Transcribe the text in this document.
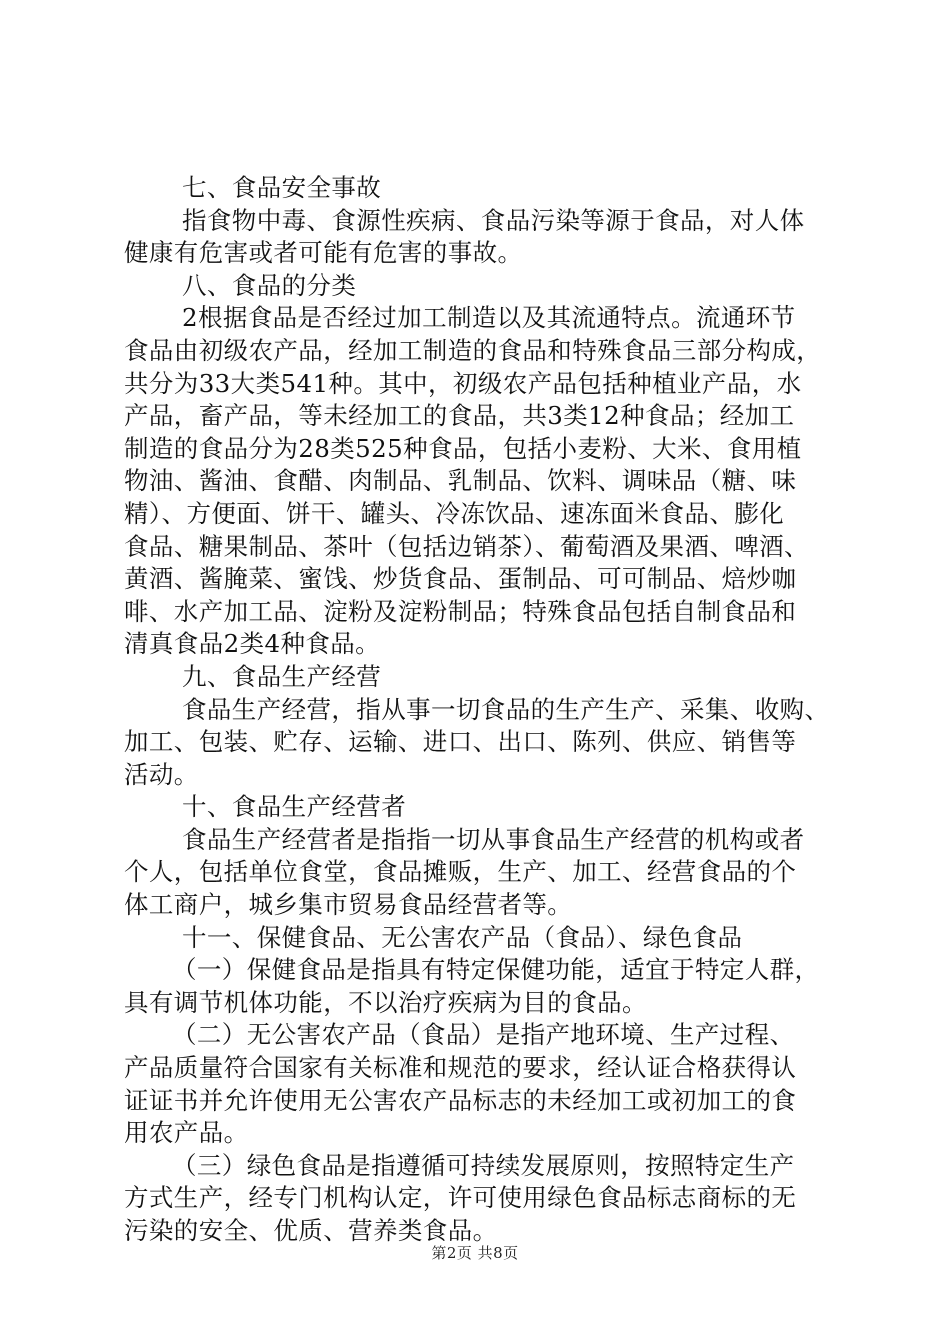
七、食品安全事故
指食物中毒、食源性疾病、食品污染等源于食品，对人体
健康有危害或者可能有危害的事故。
八、食品的分类
2根据食品是否经过加工制造以及其流通特点。流通环节
食品由初级农产品，经加工制造的食品和特殊食品三部分构成，
共分为33大类541种。其中，初级农产品包括种植业产品，水
产品，畜产品，等未经加工的食品，共3类12种食品；经加工
制造的食品分为28类525种食品，包括小麦粉、大米、食用植
物油、酱油、食醋、肉制品、乳制品、饮料、调味品（糖、味
精）、方便面、饼干、罐头、冷冻饮品、速冻面米食品、膨化
食品、糖果制品、茶叶（包括边销茶）、葡萄酒及果酒、啤酒、
黄酒、酱腌菜、蜜饯、炒货食品、蛋制品、可可制品、焙炒咖
啡、水产加工品、淀粉及淀粉制品；特殊食品包括自制食品和
清真食品2类4种食品。
九、食品生产经营
食品生产经营，指从事一切食品的生产生产、采集、收购、
加工、包装、贮存、运输、进口、出口、陈列、供应、销售等
活动。
十、食品生产经营者
食品生产经营者是指指一切从事食品生产经营的机构或者
个人，包括单位食堂，食品摊贩，生产、加工、经营食品的个
体工商户，城乡集市贸易食品经营者等。
十一、保健食品、无公害农产品（食品）、绿色食品
（一）保健食品是指具有特定保健功能，适宜于特定人群，
具有调节机体功能，不以治疗疾病为目的食品。
（二）无公害农产品（食品）是指产地环境、生产过程、
产品质量符合国家有关标准和规范的要求，经认证合格获得认
证证书并允许使用无公害农产品标志的未经加工或初加工的食
用农产品。
（三）绿色食品是指遵循可持续发展原则，按照特定生产
方式生产，经专门机构认定，许可使用绿色食品标志商标的无
污染的安全、优质、营养类食品。
第2页 共8页
